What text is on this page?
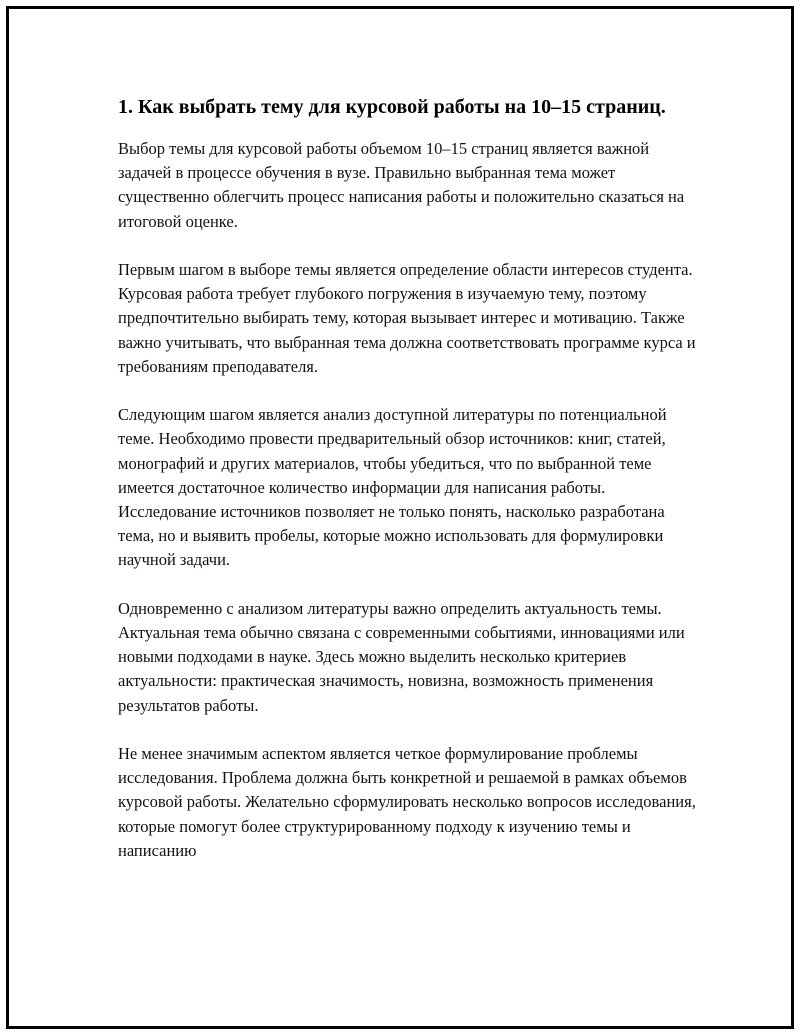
1. Как выбрать тему для курсовой работы на 10–15 страниц.

Выбор темы для курсовой работы объемом 10–15 страниц является важной задачей в процессе обучения в вузе. Правильно выбранная тема может существенно облегчить процесс написания работы и положительно сказаться на итоговой оценке.

Первым шагом в выборе темы является определение области интересов студента. Курсовая работа требует глубокого погружения в изучаемую тему, поэтому предпочтительно выбирать тему, которая вызывает интерес и мотивацию. Также важно учитывать, что выбранная тема должна соответствовать программе курса и требованиям преподавателя.

Следующим шагом является анализ доступной литературы по потенциальной теме. Необходимо провести предварительный обзор источников: книг, статей, монографий и других материалов, чтобы убедиться, что по выбранной теме имеется достаточное количество информации для написания работы. Исследование источников позволяет не только понять, насколько разработана тема, но и выявить пробелы, которые можно использовать для формулировки научной задачи.

Одновременно с анализом литературы важно определить актуальность темы. Актуальная тема обычно связана с современными событиями, инновациями или новыми подходами в науке. Здесь можно выделить несколько критериев актуальности: практическая значимость, новизна, возможность применения результатов работы.

Не менее значимым аспектом является четкое формулирование проблемы исследования. Проблема должна быть конкретной и решаемой в рамках объемов курсовой работы. Желательно сформулировать несколько вопросов исследования, которые помогут более структурированному подходу к изучению темы и написанию
